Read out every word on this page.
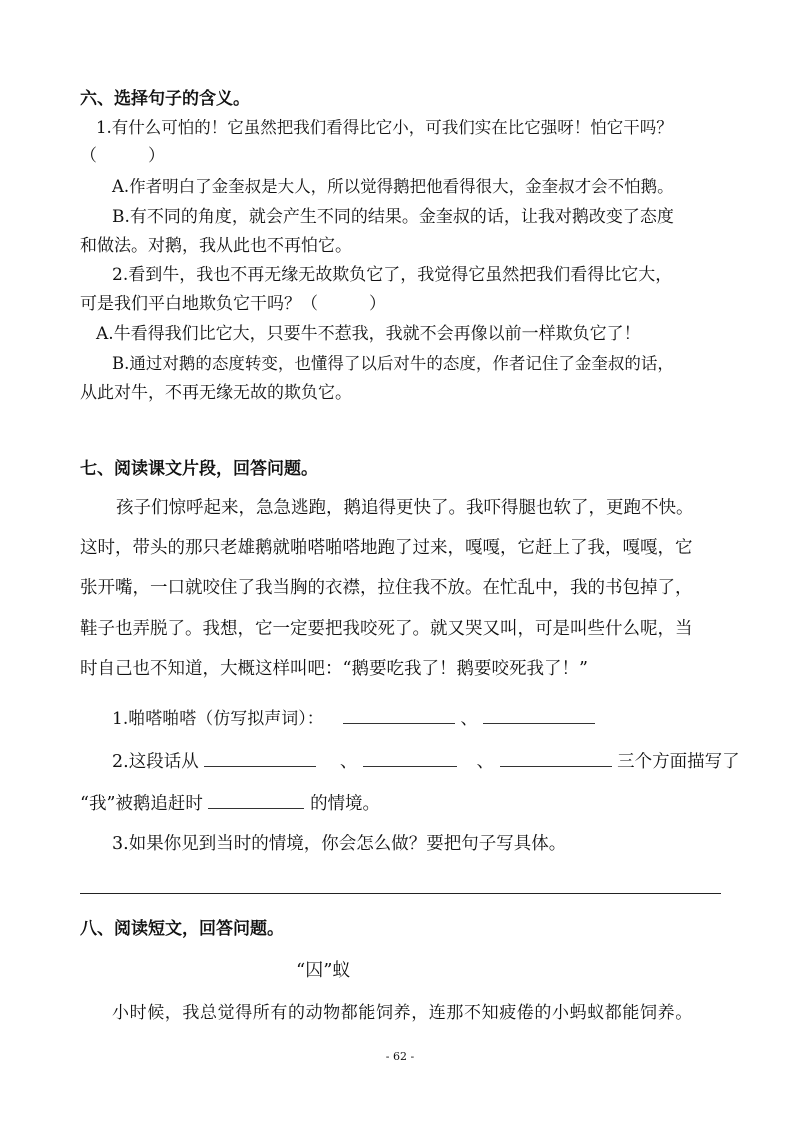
六、选择句子的含义。
1.有什么可怕的！它虽然把我们看得比它小，可我们实在比它强呀！怕它干吗？
（　　　）
A.作者明白了金奎叔是大人，所以觉得鹅把他看得很大，金奎叔才会不怕鹅。
B.有不同的角度，就会产生不同的结果。金奎叔的话，让我对鹅改变了态度
和做法。对鹅，我从此也不再怕它。
2.看到牛，我也不再无缘无故欺负它了，我觉得它虽然把我们看得比它大，
可是我们平白地欺负它干吗？（　　　）
A.牛看得我们比它大，只要牛不惹我，我就不会再像以前一样欺负它了！
B.通过对鹅的态度转变，也懂得了以后对牛的态度，作者记住了金奎叔的话，
从此对牛，不再无缘无故的欺负它。
七、阅读课文片段，回答问题。
孩子们惊呼起来，急急逃跑，鹅追得更快了。我吓得腿也软了，更跑不快。
这时，带头的那只老雄鹅就啪嗒啪嗒地跑了过来，嘎嘎，它赶上了我，嘎嘎，它
张开嘴，一口就咬住了我当胸的衣襟，拉住我不放。在忙乱中，我的书包掉了，
鞋子也弄脱了。我想，它一定要把我咬死了。就又哭又叫，可是叫些什么呢，当
时自己也不知道，大概这样叫吧：“鹅要吃我了！鹅要咬死我了！”
1.啪嗒啪嗒（仿写拟声词）：	、
2.这段话从	、	、	三个方面描写了
“我”被鹅追赶时	的情境。
3.如果你见到当时的情境，你会怎么做？要把句子写具体。
八、阅读短文，回答问题。
“囚”蚁
小时候，我总觉得所有的动物都能饲养，连那不知疲倦的小蚂蚁都能饲养。
- 62 -
